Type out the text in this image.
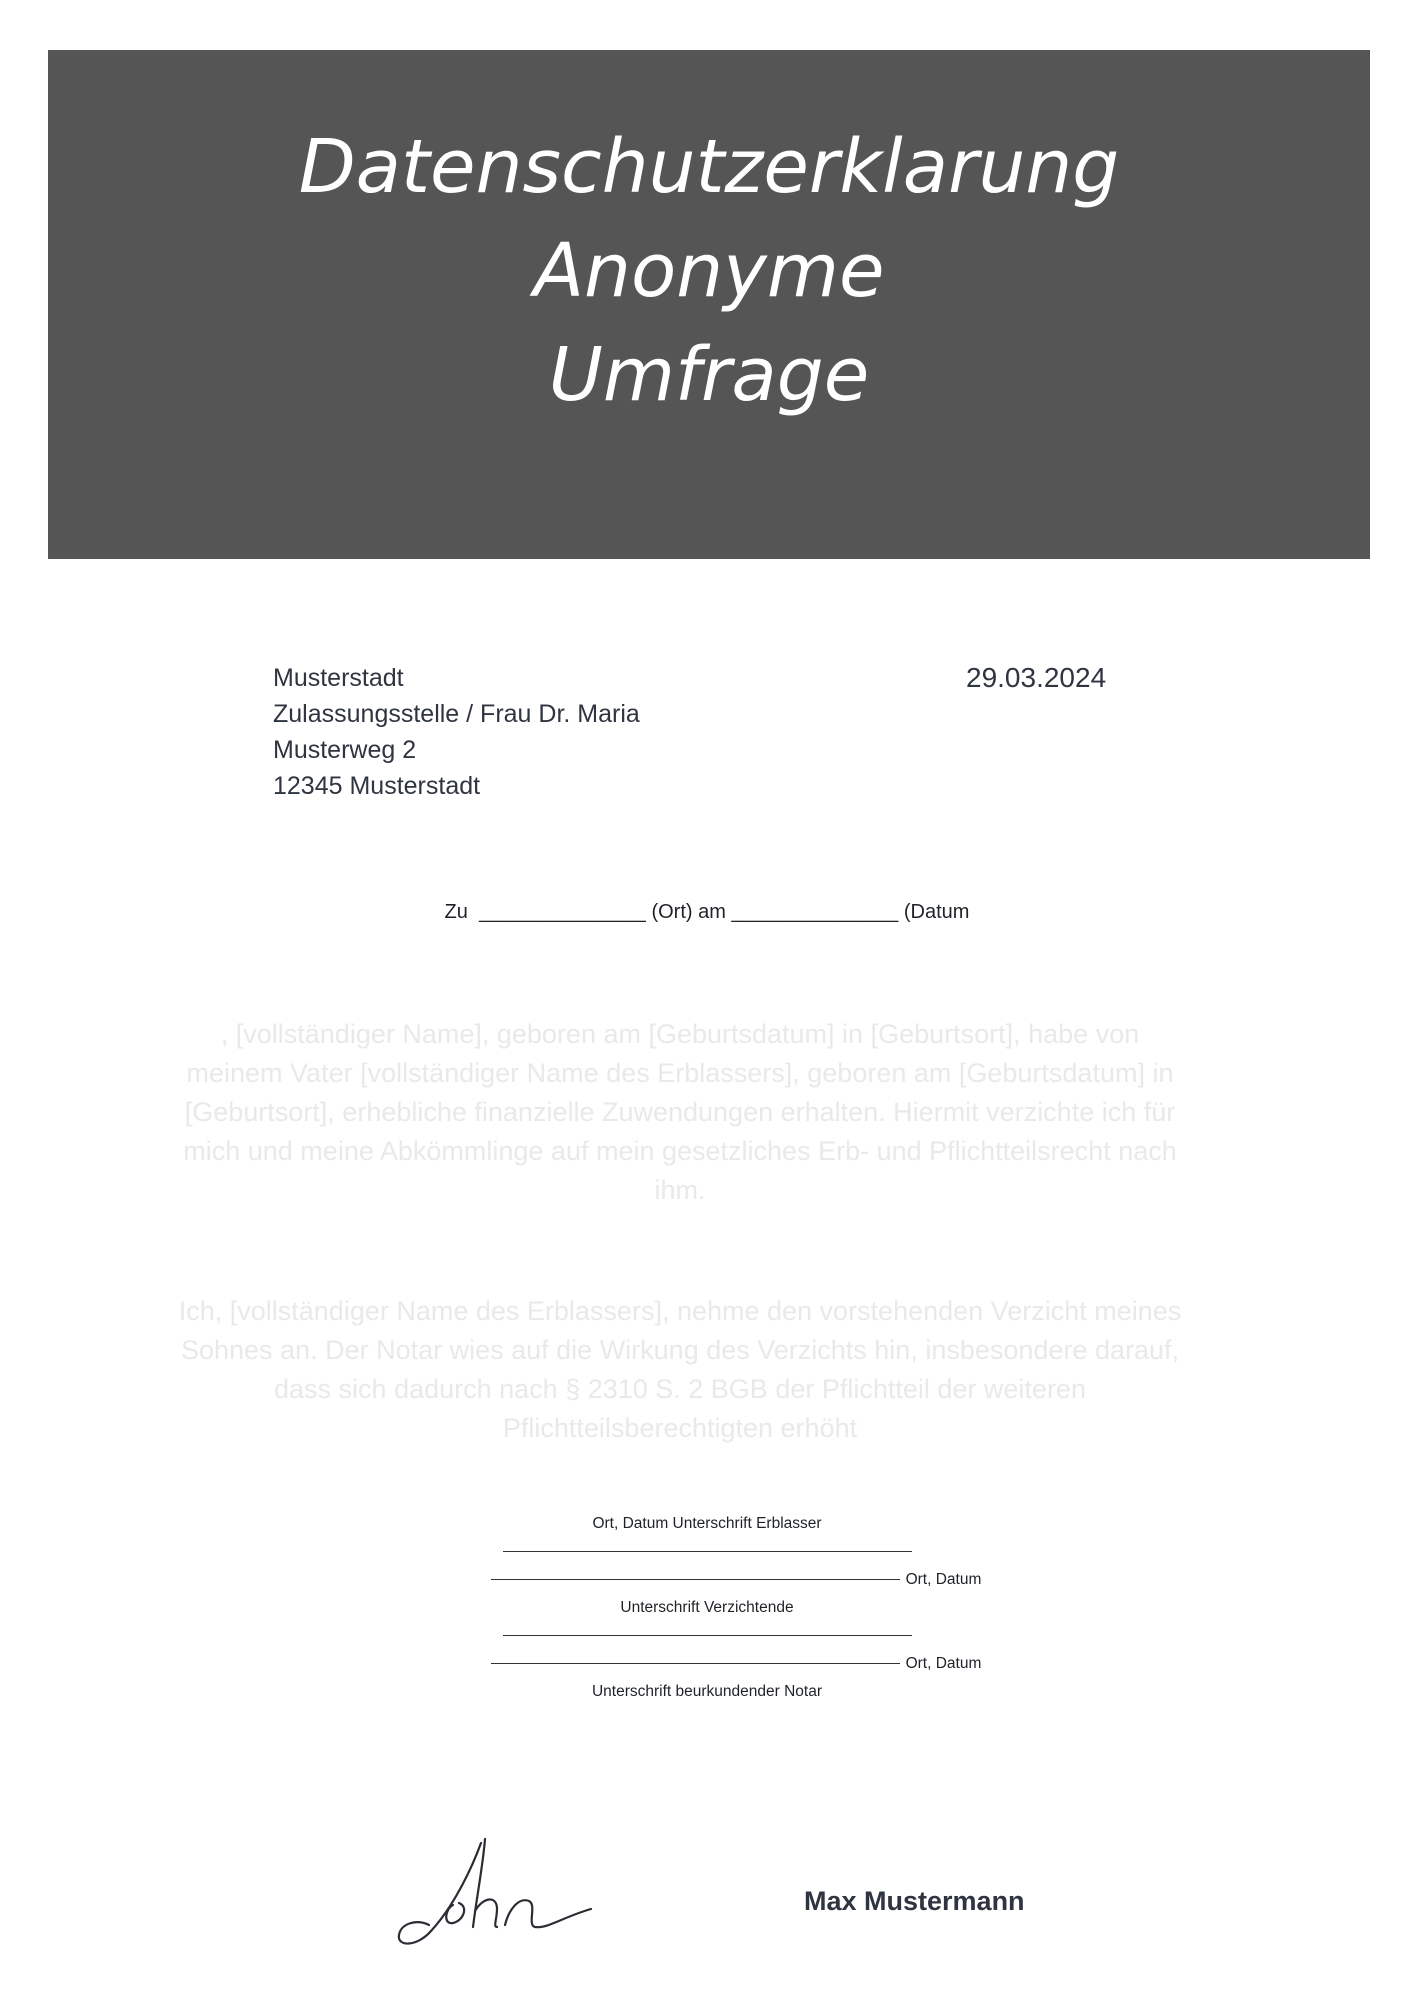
Datenschutzerklarung
Anonyme
Umfrage
Musterstadt
Zulassungsstelle / Frau Dr. Maria
Musterweg 2
12345 Musterstadt
29.03.2024
Zu _______________ (Ort) am _______________ (Datum

, [vollständiger Name], geboren am [Geburtsdatum] in [Geburtsort], habe von meinem Vater [vollständiger Name des Erblassers], geboren am [Geburtsdatum] in [Geburtsort], erhebliche finanzielle Zuwendungen erhalten. Hiermit verzichte ich für mich und meine Abkömmlinge auf mein gesetzliches Erb- und Pflichtteilsrecht nach ihm.

Ich, [vollständiger Name des Erblassers], nehme den vorstehenden Verzicht meines Sohnes an. Der Notar wies auf die Wirkung des Verzichts hin, insbesondere darauf, dass sich dadurch nach § 2310 S. 2 BGB der Pflichtteil der weiteren Pflichtteilsberechtigten erhöht

Ort, Datum Unterschrift Erblasser
Ort, Datum
Unterschrift Verzichtende
Ort, Datum
Unterschrift beurkundender Notar
Max Mustermann
